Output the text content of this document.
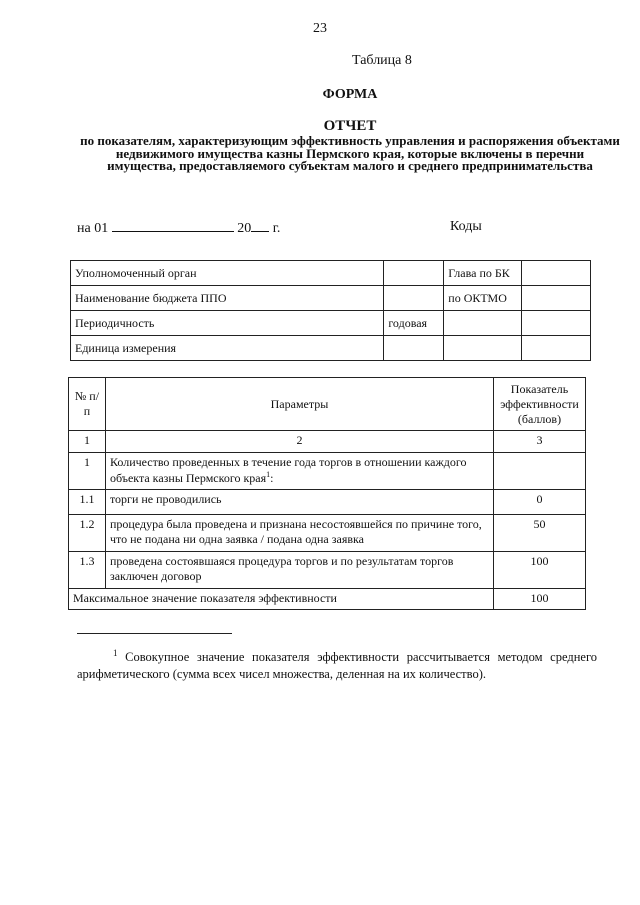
23
Таблица 8
ФОРМА
ОТЧЕТ
по показателям, характеризующим эффективность управления и распоряжения объектами недвижимого имущества казны Пермского края, которые включены в перечни имущества, предоставляемого субъектам малого и среднего предпринимательства
на 01	20 г.	Коды
Уполномоченный орган		Глава по БК	
Наименование бюджета ППО		по ОКТМО	
Периодичность	годовая		
Единица измерения			
№ п/п	Параметры	Показатель эффективности (баллов)
1	2	3
1	Количество проведенных в течение года торгов в отношении каждого объекта казны Пермского края$^1$:	
1.1	торги не проводились	0
1.2	процедура была проведена и признана несостоявшейся по причине того, что не подана ни одна заявка / подана одна заявка	50
1.3	проведена состоявшаяся процедура торгов и по результатам торгов заключен договор	100
Максимальное значение показателя эффективности		100
$^1$ Совокупное значение показателя эффективности рассчитывается методом среднего арифметического (сумма всех чисел множества, деленная на их количество).
